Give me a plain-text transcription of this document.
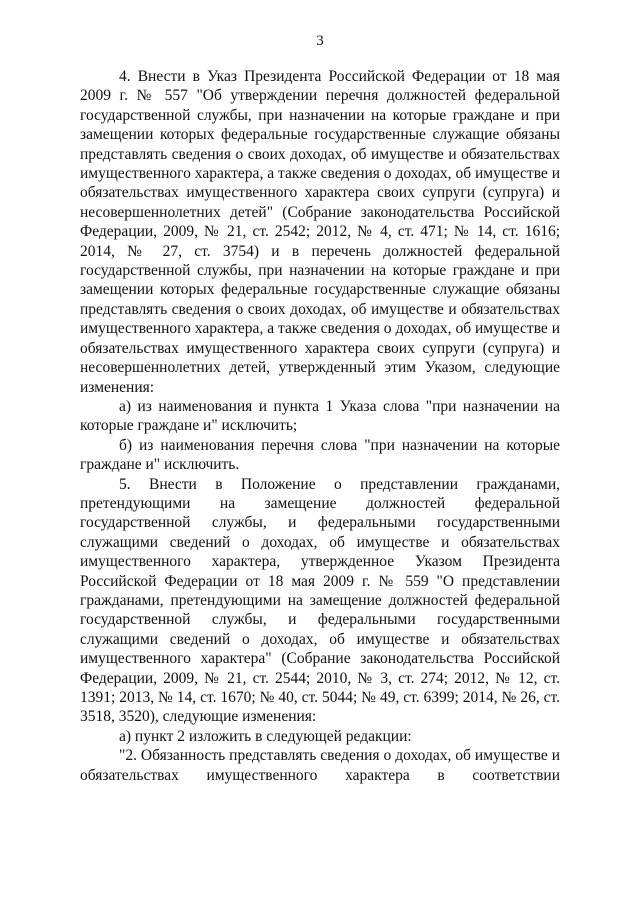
3

4. Внести в Указ Президента Российской Федерации от 18 мая 2009 г. № 557 "Об утверждении перечня должностей федеральной государственной службы, при назначении на которые граждане и при замещении которых федеральные государственные служащие обязаны представлять сведения о своих доходах, об имуществе и обязательствах имущественного характера, а также сведения о доходах, об имуществе и обязательствах имущественного характера своих супруги (супруга) и несовершеннолетних детей" (Собрание законодательства Российской Федерации, 2009, № 21, ст. 2542; 2012, № 4, ст. 471; № 14, ст. 1616; 2014, № 27, ст. 3754) и в перечень должностей федеральной государственной службы, при назначении на которые граждане и при замещении которых федеральные государственные служащие обязаны представлять сведения о своих доходах, об имуществе и обязательствах имущественного характера, а также сведения о доходах, об имуществе и обязательствах имущественного характера своих супруги (супруга) и несовершеннолетних детей, утвержденный этим Указом, следующие изменения:

а) из наименования и пункта 1 Указа слова "при назначении на которые граждане и" исключить;

б) из наименования перечня слова "при назначении на которые граждане и" исключить.

5. Внести в Положение о представлении гражданами, претендующими на замещение должностей федеральной государственной службы, и федеральными государственными служащими сведений о доходах, об имуществе и обязательствах имущественного характера, утвержденное Указом Президента Российской Федерации от 18 мая 2009 г. № 559 "О представлении гражданами, претендующими на замещение должностей федеральной государственной службы, и федеральными государственными служащими сведений о доходах, об имуществе и обязательствах имущественного характера" (Собрание законодательства Российской Федерации, 2009, № 21, ст. 2544; 2010, № 3, ст. 274; 2012, № 12, ст. 1391; 2013, № 14, ст. 1670; № 40, ст. 5044; № 49, ст. 6399; 2014, № 26, ст. 3518, 3520), следующие изменения:

а) пункт 2 изложить в следующей редакции:

"2. Обязанность представлять сведения о доходах, об имуществе и обязательствах имущественного характера в соответствии
